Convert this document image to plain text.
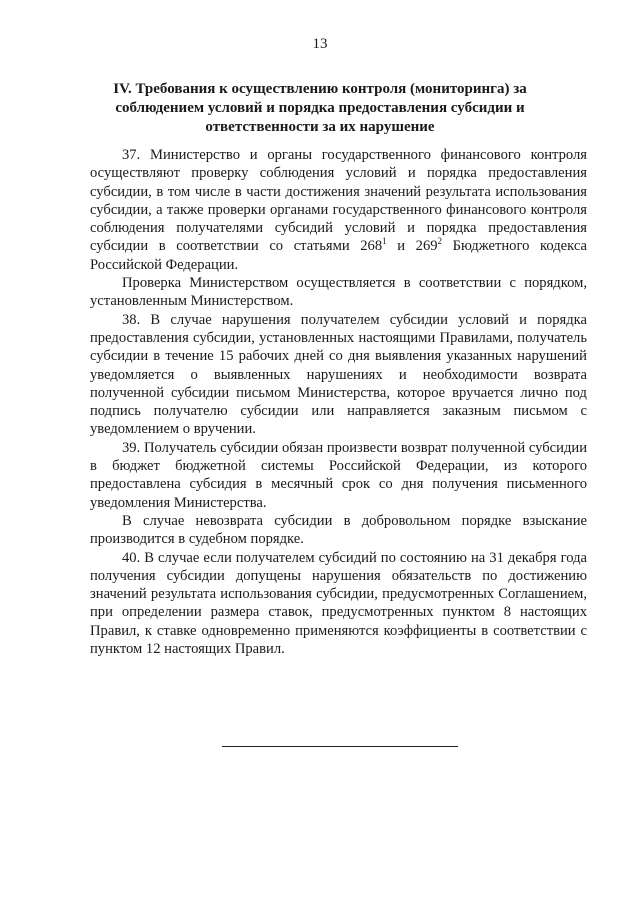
13
IV. Требования к осуществлению контроля (мониторинга) за соблюдением условий и порядка предоставления субсидии и ответственности за их нарушение

37. Министерство и органы государственного финансового контроля осуществляют проверку соблюдения условий и порядка предоставления субсидии, в том числе в части достижения значений результата использования субсидии, а также проверки органами государственного финансового контроля соблюдения получателями субсидий условий и порядка предоставления субсидии в соответствии со статьями $268^1$ и $269^2$ Бюджетного кодекса Российской Федерации.

Проверка Министерством осуществляется в соответствии с порядком, установленным Министерством.

38. В случае нарушения получателем субсидии условий и порядка предоставления субсидии, установленных настоящими Правилами, получатель субсидии в течение 15 рабочих дней со дня выявления указанных нарушений уведомляется о выявленных нарушениях и необходимости возврата полученной субсидии письмом Министерства, которое вручается лично под подпись получателю субсидии или направляется заказным письмом с уведомлением о вручении.

39. Получатель субсидии обязан произвести возврат полученной субсидии в бюджет бюджетной системы Российской Федерации, из которого предоставлена субсидия в месячный срок со дня получения письменного уведомления Министерства.

В случае невозврата субсидии в добровольном порядке взыскание производится в судебном порядке.

40. В случае если получателем субсидий по состоянию на 31 декабря года получения субсидии допущены нарушения обязательств по достижению значений результата использования субсидии, предусмотренных Соглашением, при определении размера ставок, предусмотренных пунктом 8 настоящих Правил, к ставке одновременно применяются коэффициенты в соответствии с пунктом 12 настоящих Правил.
